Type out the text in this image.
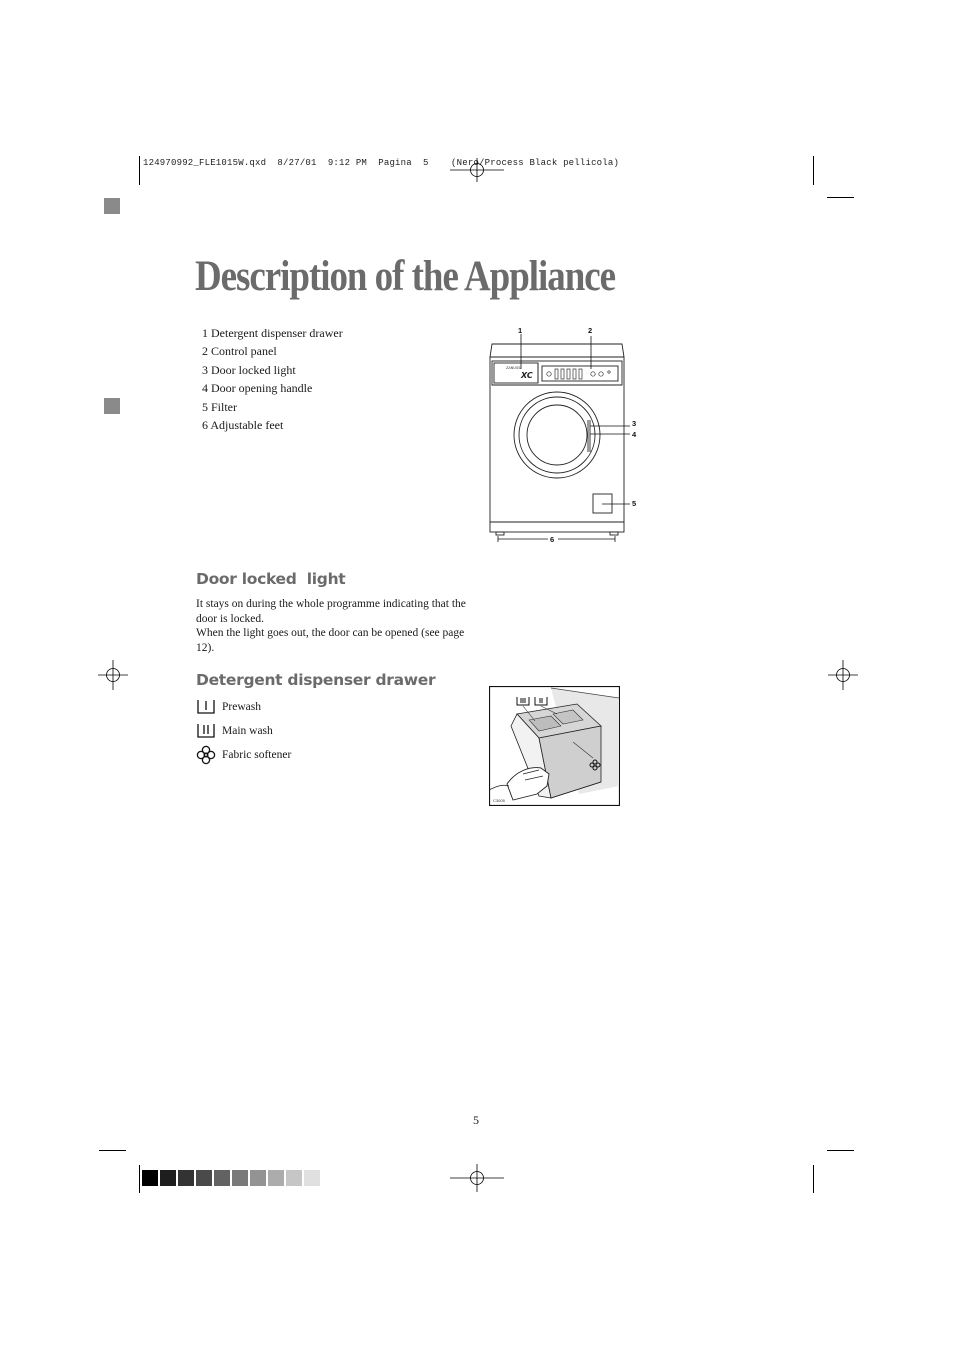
124970992_FLE1015W.qxd  8/27/01  9:12 PM  Pagina  5    (Nero/Process Black pellicola)
Description of the Appliance
1 Detergent dispenser drawer
2 Control panel
3 Door locked light
4 Door opening handle
5 Filter
6 Adjustable feet
ZANUSSI
XC
1	2
3
4
5
6
Door locked  light
It stays on during the whole programme indicating that the door is locked.
When the light goes out, the door can be opened (see page 12).
Detergent dispenser drawer
Prewash
Main wash
Fabric softener
C3005
5
